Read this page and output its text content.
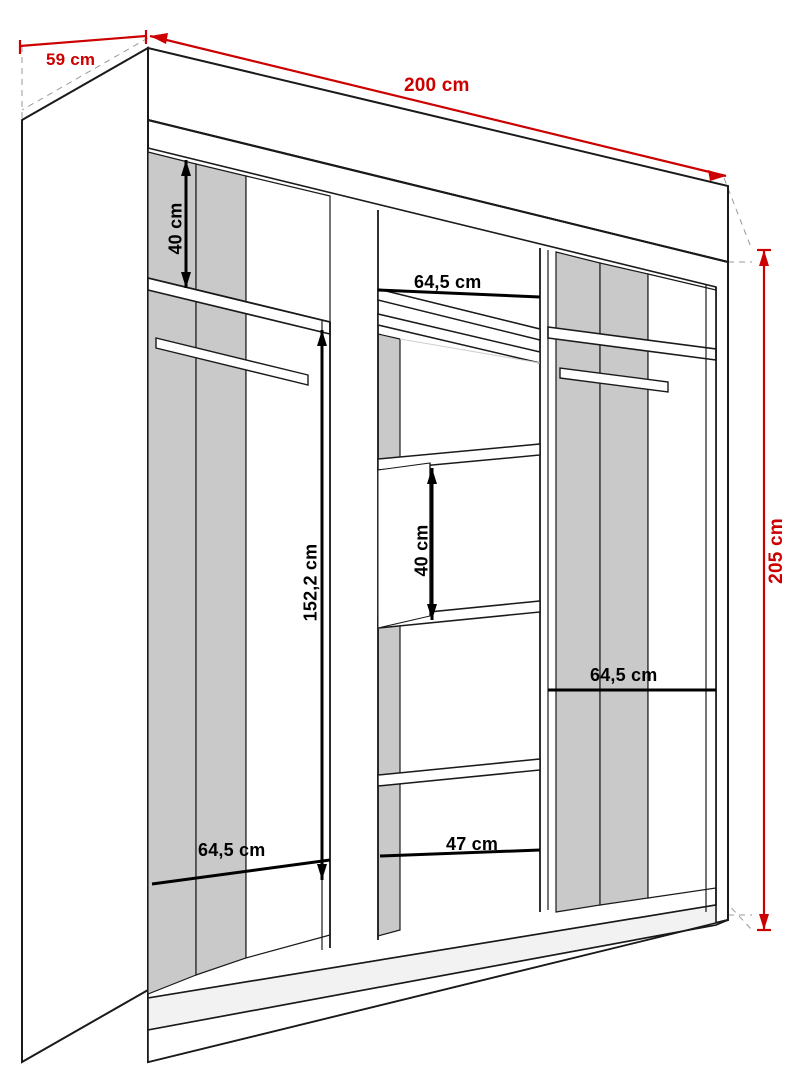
59 cm
200 cm
205 cm
40 cm
64,5 cm
40 cm
152,2 cm
64,5 cm
64,5 cm	47 cm
